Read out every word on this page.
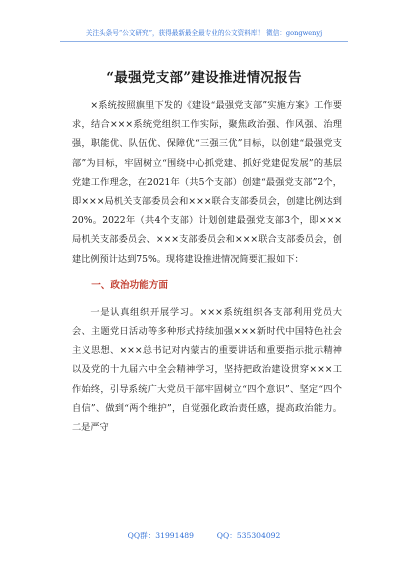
关注头条号“公文研究”，获得最新最全最专业的公文资料库！ 微信：gongwenyj
“最强党支部”建设推进情况报告

×系统按照旗里下发的《建设“最强党支部”实施方案》工作要求，结合×××系统党组织工作实际，聚焦政治强、作风强、治理强，职能优、队伍优、保障优“三强三优”目标，以创建“最强党支部”为目标，牢固树立“围绕中心抓党建、抓好党建促发展”的基层党建工作理念，在2021年（共5个支部）创建“最强党支部”2个，即×××局机关支部委员会和×××联合支部委员会，创建比例达到20%。2022年（共4个支部）计划创建最强党支部3个，即×××局机关支部委员会、×××支部委员会和×××联合支部委员会，创建比例预计达到75%。现将建设推进情况简要汇报如下：

一、政治功能方面

一是认真组织开展学习。×××系统组织各支部利用党员大会、主题党日活动等多种形式持续加强×××新时代中国特色社会主义思想、×××总书记对内蒙古的重要讲话和重要指示批示精神以及党的十九届六中全会精神学习，坚持把政治建设贯穿×××工作始终，引导系统广大党员干部牢固树立“四个意识”、坚定“四个自信”、做到“两个维护”，自觉强化政治责任感，提高政治能力。二是严守

QQ群：31991489	QQ：535304092
